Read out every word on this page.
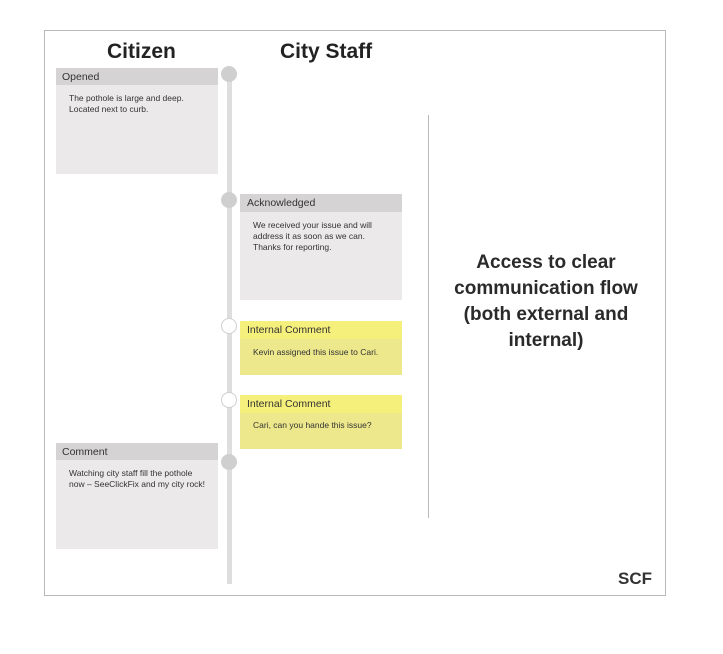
Citizen	City Staff
Opened
The pothole is large and deep. Located next to curb.
Acknowledged
We received your issue and will address it as soon as we can. Thanks for reporting.
Internal Comment
Kevin assigned this issue to Cari.
Internal Comment
Cari, can you hande this issue?
Comment
Watching city staff fill the pothole now – SeeClickFix and my city rock!
Access to clear communication flow (both external and internal)
SCF
